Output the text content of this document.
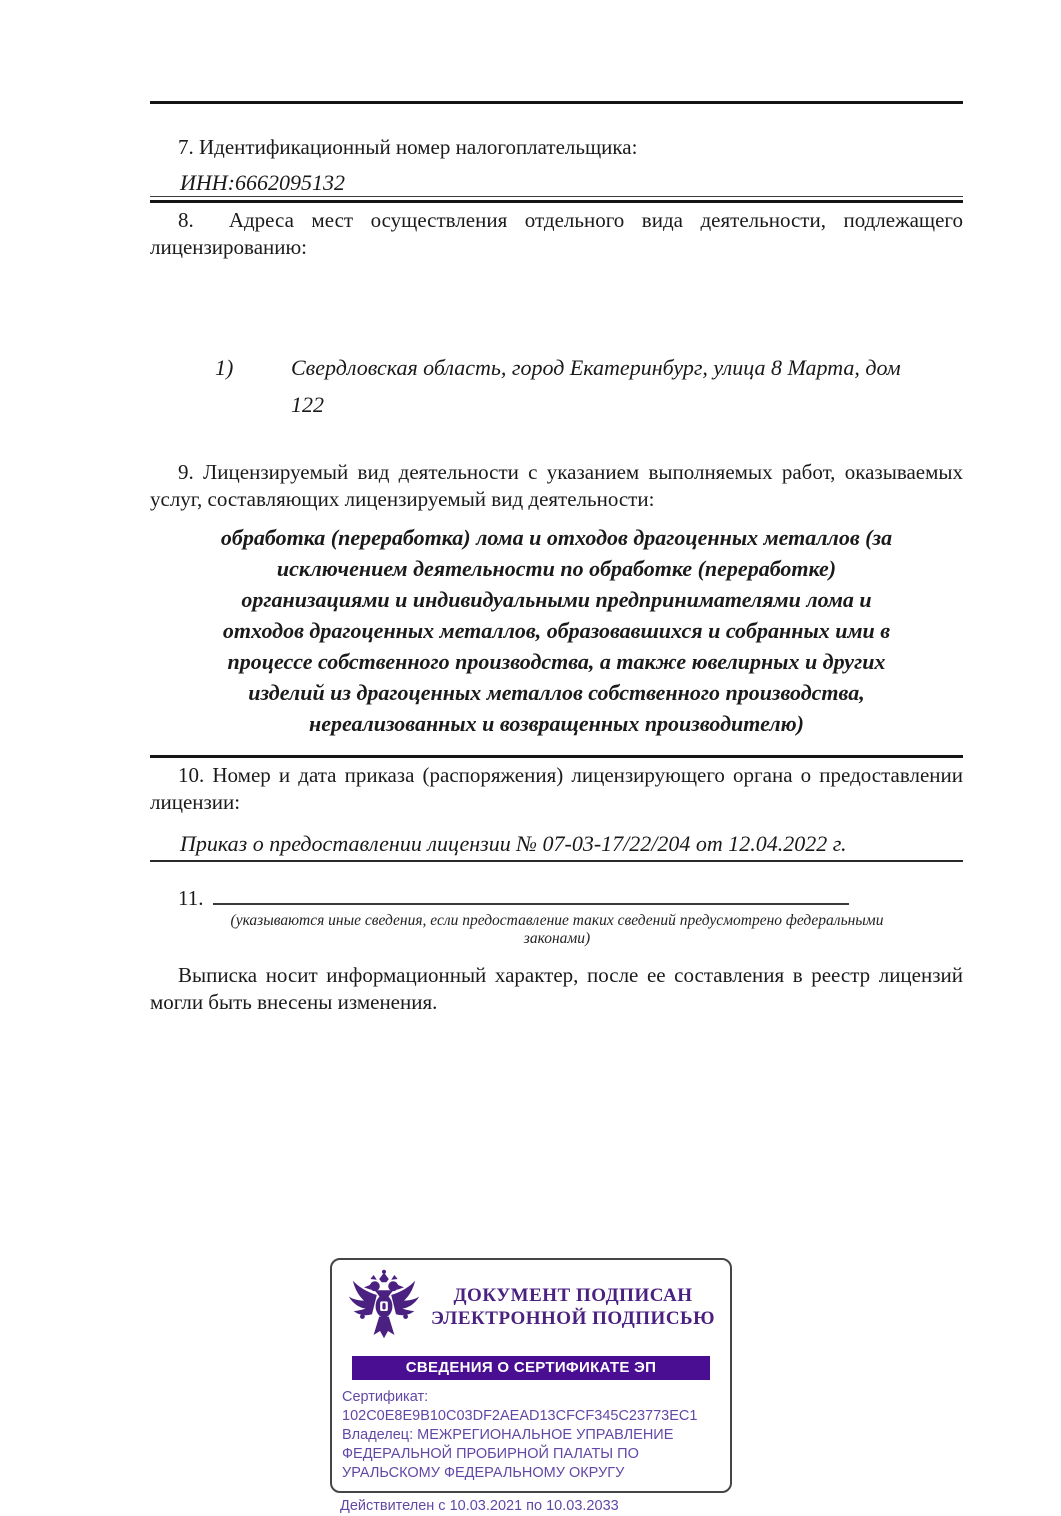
7. Идентификационный номер налогоплательщика:

ИНН:6662095132

8. Адреса мест осуществления отдельного вида деятельности, подлежащего лицензированию:

1)	Свердловская область, город Екатеринбург, улица 8 Марта, дом 122

9. Лицензируемый вид деятельности с указанием выполняемых работ, оказываемых услуг, составляющих лицензируемый вид деятельности:

обработка (переработка) лома и отходов драгоценных металлов (за исключением деятельности по обработке (переработке) организациями и индивидуальными предпринимателями лома и отходов драгоценных металлов, образовавшихся и собранных ими в процессе собственного производства, а также ювелирных и других изделий из драгоценных металлов собственного производства, нереализованных и возвращенных производителю)

10. Номер и дата приказа (распоряжения) лицензирующего органа о предоставлении лицензии:

Приказ о предоставлении лицензии № 07-03-17/22/204 от 12.04.2022 г.
11.
(указываются иные сведения, если предоставление таких сведений предусмотрено федеральными законами)

Выписка носит информационный характер, после ее составления в реестр лицензий могли быть внесены изменения.

ДОКУМЕНТ ПОДПИСАН
ЭЛЕКТРОННОЙ ПОДПИСЬЮ
СВЕДЕНИЯ О СЕРТИФИКАТЕ ЭП
Сертификат: 102C0E8E9B10C03DF2AEAD13CFCF345C23773EC1
Владелец: МЕЖРЕГИОНАЛЬНОЕ УПРАВЛЕНИЕ ФЕДЕРАЛЬНОЙ ПРОБИРНОЙ ПАЛАТЫ ПО УРАЛЬСКОМУ ФЕДЕРАЛЬНОМУ ОКРУГУ
Действителен с 10.03.2021 по 10.03.2033
